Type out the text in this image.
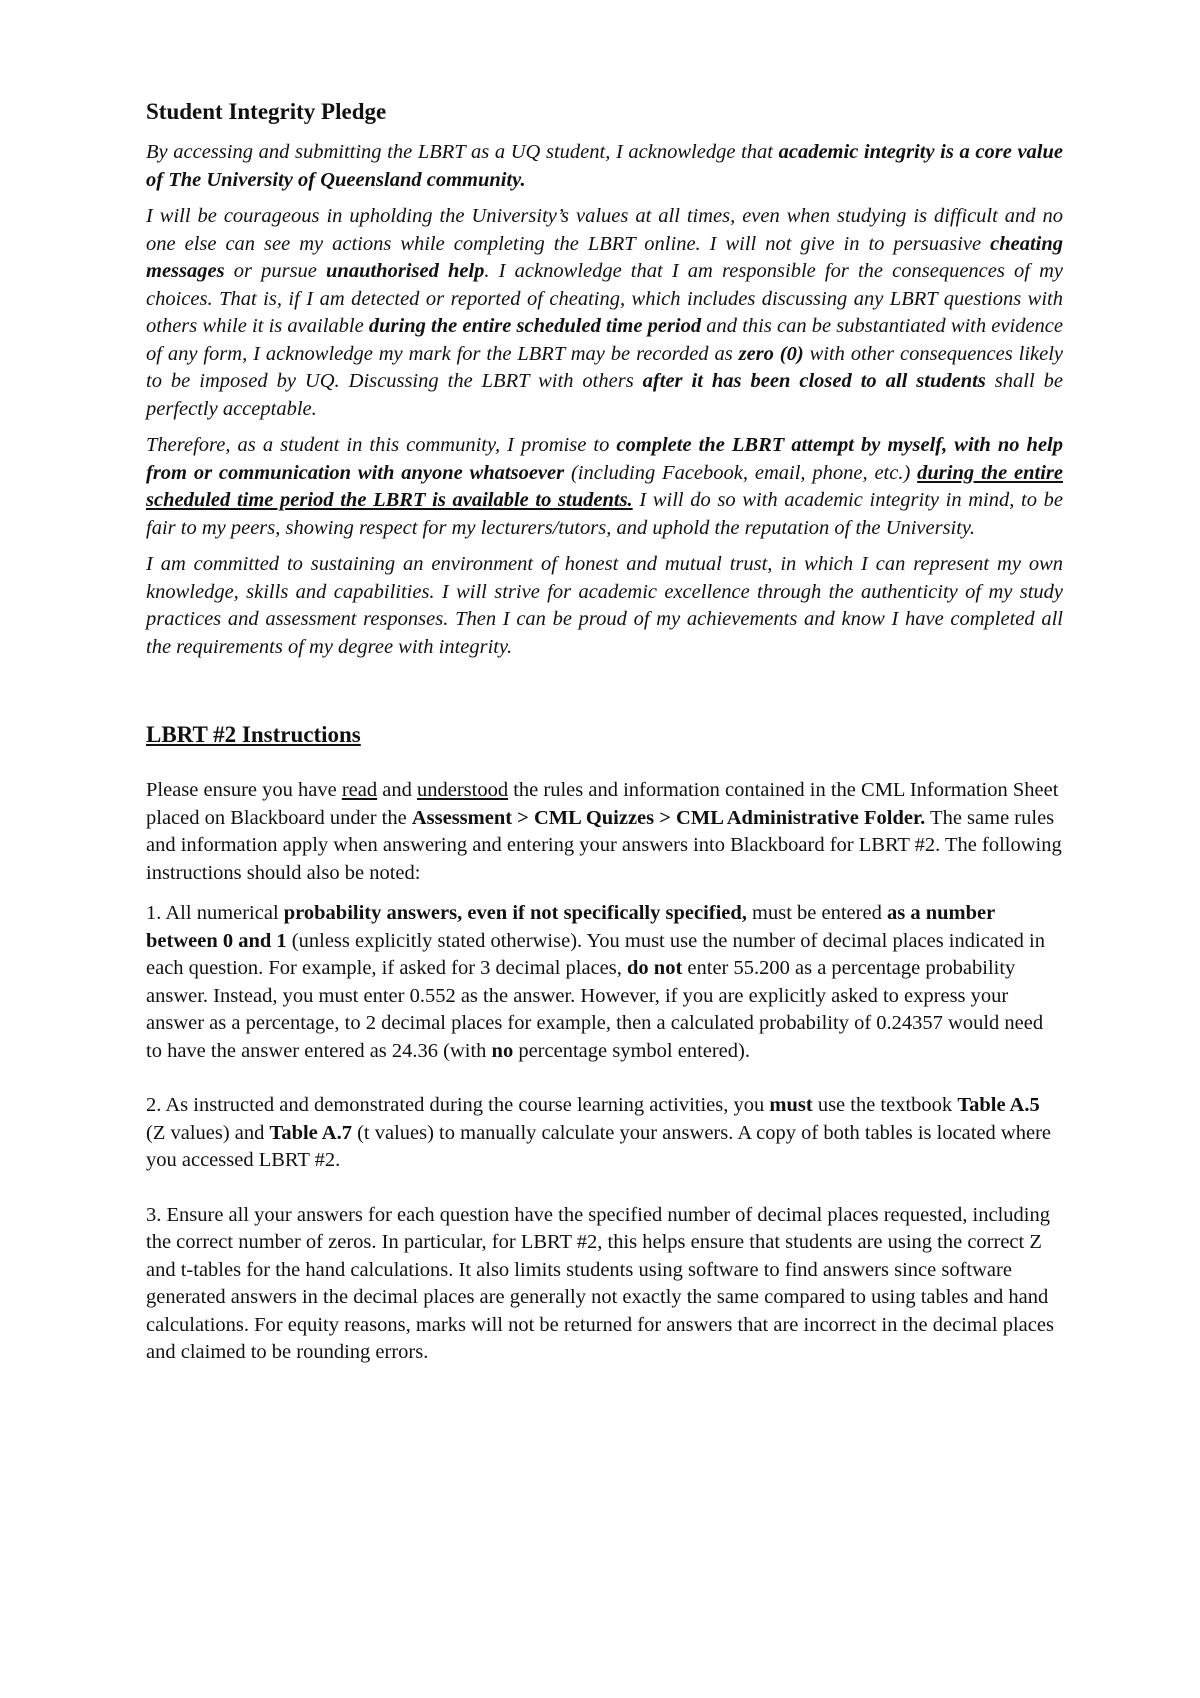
Student Integrity Pledge

By accessing and submitting the LBRT as a UQ student, I acknowledge that academic integrity is a core value of The University of Queensland community.

I will be courageous in upholding the University’s values at all times, even when studying is difficult and no one else can see my actions while completing the LBRT online. I will not give in to persuasive cheating messages or pursue unauthorised help. I acknowledge that I am responsible for the consequences of my choices. That is, if I am detected or reported of cheating, which includes discussing any LBRT questions with others while it is available during the entire scheduled time period and this can be substantiated with evidence of any form, I acknowledge my mark for the LBRT may be recorded as zero (0) with other consequences likely to be imposed by UQ. Discussing the LBRT with others after it has been closed to all students shall be perfectly acceptable.

Therefore, as a student in this community, I promise to complete the LBRT attempt by myself, with no help from or communication with anyone whatsoever (including Facebook, email, phone, etc.) during the entire scheduled time period the LBRT is available to students. I will do so with academic integrity in mind, to be fair to my peers, showing respect for my lecturers/tutors, and uphold the reputation of the University.

I am committed to sustaining an environment of honest and mutual trust, in which I can represent my own knowledge, skills and capabilities. I will strive for academic excellence through the authenticity of my study practices and assessment responses. Then I can be proud of my achievements and know I have completed all the requirements of my degree with integrity.

LBRT #2 Instructions

Please ensure you have read and understood the rules and information contained in the CML Information Sheet placed on Blackboard under the Assessment > CML Quizzes > CML Administrative Folder. The same rules and information apply when answering and entering your answers into Blackboard for LBRT #2. The following instructions should also be noted:

1. All numerical probability answers, even if not specifically specified, must be entered as a number between 0 and 1 (unless explicitly stated otherwise). You must use the number of decimal places indicated in each question. For example, if asked for 3 decimal places, do not enter 55.200 as a percentage probability answer. Instead, you must enter 0.552 as the answer. However, if you are explicitly asked to express your answer as a percentage, to 2 decimal places for example, then a calculated probability of 0.24357 would need to have the answer entered as 24.36 (with no percentage symbol entered).

2. As instructed and demonstrated during the course learning activities, you must use the textbook Table A.5 (Z values) and Table A.7 (t values) to manually calculate your answers. A copy of both tables is located where you accessed LBRT #2.

3. Ensure all your answers for each question have the specified number of decimal places requested, including the correct number of zeros. In particular, for LBRT #2, this helps ensure that students are using the correct Z and t-tables for the hand calculations. It also limits students using software to find answers since software generated answers in the decimal places are generally not exactly the same compared to using tables and hand calculations. For equity reasons, marks will not be returned for answers that are incorrect in the decimal places and claimed to be rounding errors.
